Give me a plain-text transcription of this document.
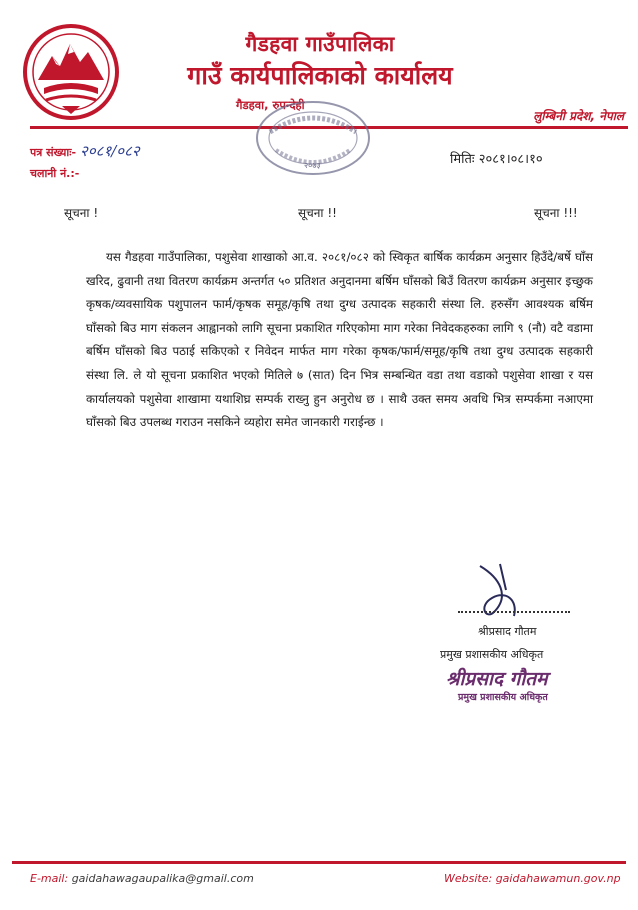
गैडहवा गाउँपालिका
गाउँ कार्यपालिकाको कार्यालय
गैडहवा, रुपन्देही
लुम्बिनी प्रदेश, नेपाल
२०७३
पत्र संख्याः- २०८१/०८२
चलानी नं.:-
मितिः २०८१।०८।१०
सूचना !	सूचना !!	सूचना !!!
यस गैडहवा गाउँपालिका, पशुसेवा शाखाको आ.व. २०८१/०८२ को स्विकृत बार्षिक कार्यक्रम अनुसार हिउँदे/बर्षे घाँस खरिद, ढुवानी तथा वितरण कार्यक्रम अन्तर्गत ५० प्रतिशत अनुदानमा बर्षिम घाँसको बिउँ वितरण कार्यक्रम अनुसार इच्छुक कृषक/व्यवसायिक पशुपालन फार्म/कृषक समूह/कृषि तथा दुग्ध उत्पादक सहकारी संस्था लि. हरुसँग आवश्यक बर्षिम घाँसको बिउ माग संकलन आह्वानको लागि सूचना प्रकाशित गरिएकोमा माग गरेका निवेदकहरुका लागि ९ (नौ) वटै वडामा बर्षिम घाँसको बिउ पठाई सकिएको र निवेदन मार्फत माग गरेका कृषक/फार्म/समूह/कृषि तथा दुग्ध उत्पादक सहकारी संस्था लि. ले यो सूचना प्रकाशित भएको मितिले ७ (सात) दिन भित्र सम्बन्धित वडा तथा वडाको पशुसेवा शाखा र यस कार्यालयको पशुसेवा शाखामा यथाशिघ्र सम्पर्क राख्नु हुन अनुरोध छ । साथै उक्त समय अवधि भित्र सम्पर्कमा नआएमा घाँसको बिउ उपलब्ध गराउन नसकिने व्यहोरा समेत जानकारी गराईन्छ ।
श्रीप्रसाद गौतम
प्रमुख प्रशासकीय अधिकृत
श्रीप्रसाद गौतम
प्रमुख प्रशासकीय अधिकृत
E-mail: gaidahawagaupalika@gmail.com	Website: gaidahawamun.gov.np
